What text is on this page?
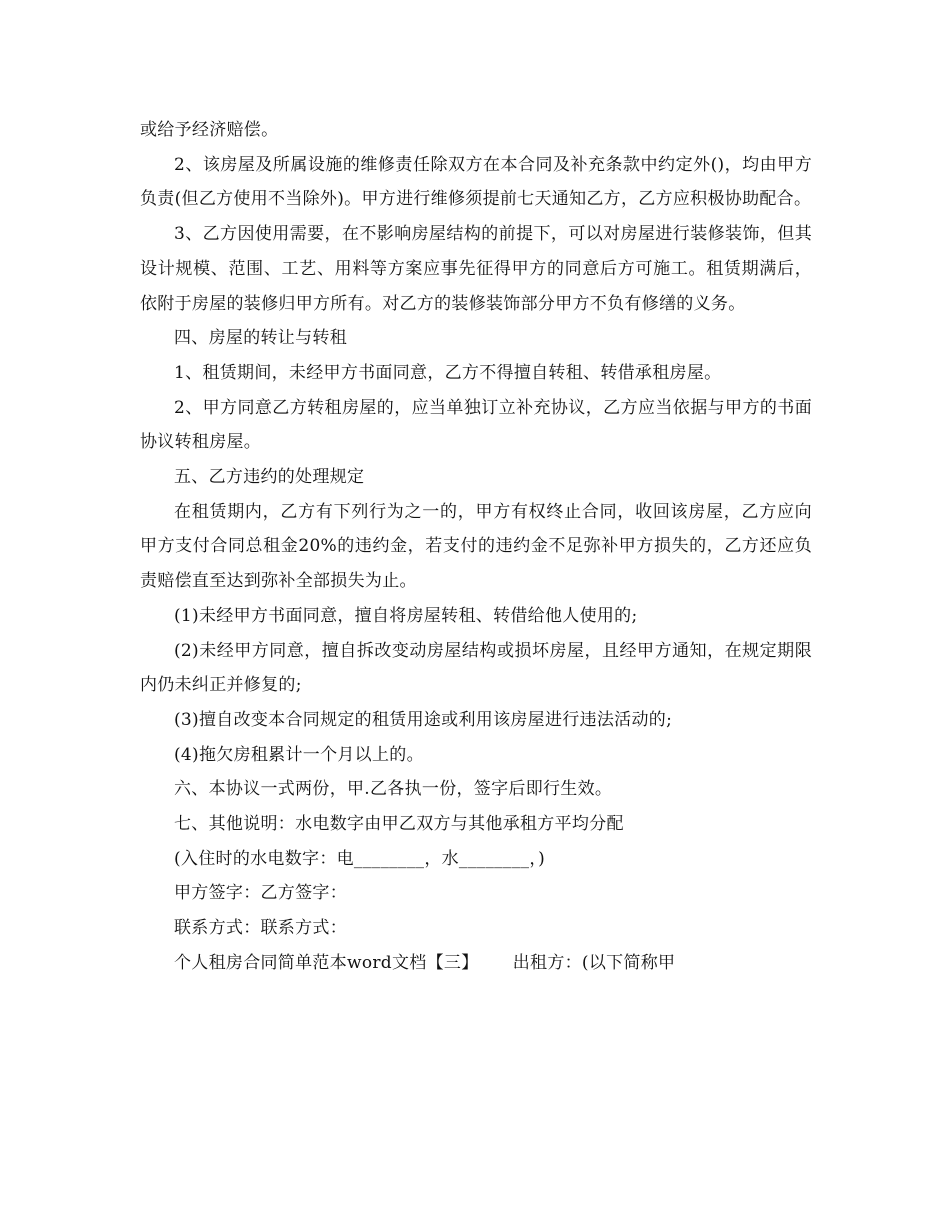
或给予经济赔偿。

2、该房屋及所属设施的维修责任除双方在本合同及补充条款中约定外()，均由甲方负责(但乙方使用不当除外)。甲方进行维修须提前七天通知乙方，乙方应积极协助配合。

3、乙方因使用需要，在不影响房屋结构的前提下，可以对房屋进行装修装饰，但其设计规模、范围、工艺、用料等方案应事先征得甲方的同意后方可施工。租赁期满后，依附于房屋的装修归甲方所有。对乙方的装修装饰部分甲方不负有修缮的义务。

四、房屋的转让与转租

1、租赁期间，未经甲方书面同意，乙方不得擅自转租、转借承租房屋。

2、甲方同意乙方转租房屋的，应当单独订立补充协议，乙方应当依据与甲方的书面协议转租房屋。

五、乙方违约的处理规定

在租赁期内，乙方有下列行为之一的，甲方有权终止合同，收回该房屋，乙方应向甲方支付合同总租金20%的违约金，若支付的违约金不足弥补甲方损失的，乙方还应负责赔偿直至达到弥补全部损失为止。

(1)未经甲方书面同意，擅自将房屋转租、转借给他人使用的;

(2)未经甲方同意，擅自拆改变动房屋结构或损坏房屋，且经甲方通知，在规定期限内仍未纠正并修复的;

(3)擅自改变本合同规定的租赁用途或利用该房屋进行违法活动的;

(4)拖欠房租累计一个月以上的。

六、本协议一式两份，甲.乙各执一份，签字后即行生效。

七、其他说明：水电数字由甲乙双方与其他承租方平均分配

(入住时的水电数字：电________，水________，)

甲方签字：乙方签字：

联系方式：联系方式：

个人租房合同简单范本word文档【三】      出租方：(以下简称甲
